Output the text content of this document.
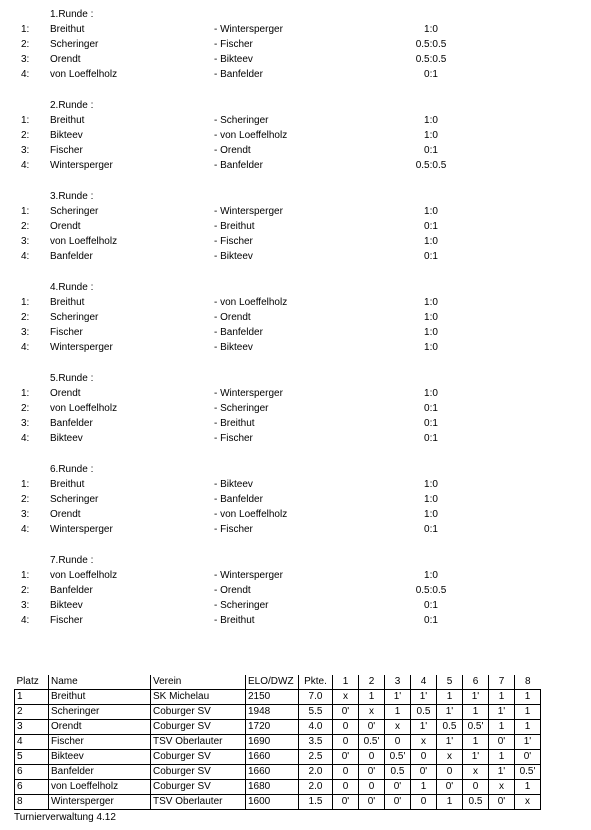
1.Runde :
1: Breithut	- Wintersperger	1:0
2: Scheringer	- Fischer	0.5:0.5
3: Orendt	- Bikteev	0.5:0.5
4: von Loeffelholz	- Banfelder	0:1
2.Runde :
1: Breithut	- Scheringer	1:0
2: Bikteev	- von Loeffelholz	1:0
3: Fischer	- Orendt	0:1
4: Wintersperger	- Banfelder	0.5:0.5
3.Runde :
1: Scheringer	- Wintersperger	1:0
2: Orendt	- Breithut	0:1
3: von Loeffelholz	- Fischer	1:0
4: Banfelder	- Bikteev	0:1
4.Runde :
1: Breithut	- von Loeffelholz	1:0
2: Scheringer	- Orendt	1:0
3: Fischer	- Banfelder	1:0
4: Wintersperger	- Bikteev	1:0
5.Runde :
1: Orendt	- Wintersperger	1:0
2: von Loeffelholz	- Scheringer	0:1
3: Banfelder	- Breithut	0:1
4: Bikteev	- Fischer	0:1
6.Runde :
1: Breithut	- Bikteev	1:0
2: Scheringer	- Banfelder	1:0
3: Orendt	- von Loeffelholz	1:0
4: Wintersperger	- Fischer	0:1
7.Runde :
1: von Loeffelholz	- Wintersperger	1:0
2: Banfelder	- Orendt	0.5:0.5
3: Bikteev	- Scheringer	0:1
4: Fischer	- Breithut	0:1
Platz	Name	Verein	ELO/DWZ	Pkte.	1	2	3	4	5	6	7	8
1	Breithut	SK Michelau	2150	7.0	x	1	1'	1'	1	1'	1	1
2	Scheringer	Coburger SV	1948	5.5	0'	x	1	0.5	1'	1	1'	1
3	Orendt	Coburger SV	1720	4.0	0	0'	x	1'	0.5	0.5'	1	1
4	Fischer	TSV Oberlauter	1690	3.5	0	0.5'	0	x	1'	1	0'	1'
5	Bikteev	Coburger SV	1660	2.5	0'	0	0.5'	0	x	1'	1	0'
6	Banfelder	Coburger SV	1660	2.0	0	0'	0.5	0'	0	x	1'	0.5'
6	von Loeffelholz	Coburger SV	1680	2.0	0	0	0'	1	0'	0	x	1
8	Wintersperger	TSV Oberlauter	1600	1.5	0'	0'	0'	0	1	0.5	0'	x
Turnierverwaltung 4.12
